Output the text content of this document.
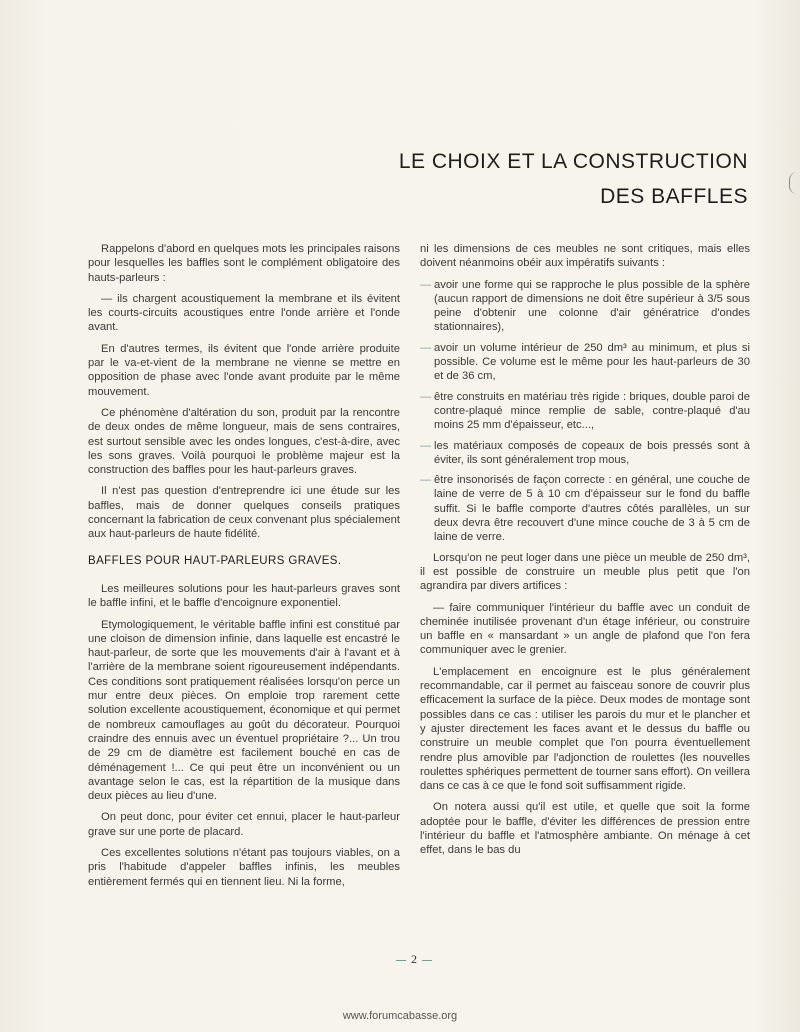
LE CHOIX ET LA CONSTRUCTION
DES BAFFLES

Rappelons d'abord en quelques mots les principales raisons pour lesquelles les baffles sont le complément obligatoire des hauts-parleurs :

— ils chargent acoustiquement la membrane et ils évitent les courts-circuits acoustiques entre l'onde arrière et l'onde avant.

En d'autres termes, ils évitent que l'onde arrière produite par le va-et-vient de la membrane ne vienne se mettre en opposition de phase avec l'onde avant produite par le même mouvement.

Ce phénomène d'altération du son, produit par la rencontre de deux ondes de même longueur, mais de sens contraires, est surtout sensible avec les ondes longues, c'est-à-dire, avec les sons graves. Voilà pourquoi le problème majeur est la construction des baffles pour les haut-parleurs graves.

Il n'est pas question d'entreprendre ici une étude sur les baffles, mais de donner quelques conseils pratiques concernant la fabrication de ceux convenant plus spécialement aux haut-parleurs de haute fidélité.

BAFFLES POUR HAUT-PARLEURS GRAVES.

Les meilleures solutions pour les haut-parleurs graves sont le baffle infini, et le baffle d'encoignure exponentiel.

Etymologiquement, le véritable baffle infini est constitué par une cloison de dimension infinie, dans laquelle est encastré le haut-parleur, de sorte que les mouvements d'air à l'avant et à l'arrière de la membrane soient rigoureusement indépendants. Ces conditions sont pratiquement réalisées lorsqu'on perce un mur entre deux pièces. On emploie trop rarement cette solution excellente acoustiquement, économique et qui permet de nombreux camouflages au goût du décorateur. Pourquoi craindre des ennuis avec un éventuel propriétaire ?... Un trou de 29 cm de diamètre est facilement bouché en cas de déménagement !... Ce qui peut être un inconvénient ou un avantage selon le cas, est la répartition de la musique dans deux pièces au lieu d'une.

On peut donc, pour éviter cet ennui, placer le haut-parleur grave sur une porte de placard.

Ces excellentes solutions n'étant pas toujours viables, on a pris l'habitude d'appeler baffles infinis, les meubles entièrement fermés qui en tiennent lieu. Ni la forme,

ni les dimensions de ces meubles ne sont critiques, mais elles doivent néanmoins obéir aux impératifs suivants :

— avoir une forme qui se rapproche le plus possible de la sphère (aucun rapport de dimensions ne doit être supérieur à 3/5 sous peine d'obtenir une colonne d'air génératrice d'ondes stationnaires),
— avoir un volume intérieur de 250 dm³ au minimum, et plus si possible. Ce volume est le même pour les haut-parleurs de 30 et de 36 cm,
— être construits en matériau très rigide : briques, double paroi de contre-plaqué mince remplie de sable, contre-plaqué d'au moins 25 mm d'épaisseur, etc...,
— les matériaux composés de copeaux de bois pressés sont à éviter, ils sont généralement trop mous,
— être insonorisés de façon correcte : en général, une couche de laine de verre de 5 à 10 cm d'épaisseur sur le fond du baffle suffit. Si le baffle comporte d'autres côtés parallèles, un sur deux devra être recouvert d'une mince couche de 3 à 5 cm de laine de verre.

Lorsqu'on ne peut loger dans une pièce un meuble de 250 dm³, il est possible de construire un meuble plus petit que l'on agrandira par divers artifices :

— faire communiquer l'intérieur du baffle avec un conduit de cheminée inutilisée provenant d'un étage inférieur, ou construire un baffle en « mansardant » un angle de plafond que l'on fera communiquer avec le grenier.

L'emplacement en encoignure est le plus généralement recommandable, car il permet au faisceau sonore de couvrir plus efficacement la surface de la pièce. Deux modes de montage sont possibles dans ce cas : utiliser les parois du mur et le plancher et y ajuster directement les faces avant et le dessus du baffle ou construire un meuble complet que l'on pourra éventuellement rendre plus amovible par l'adjonction de roulettes (les nouvelles roulettes sphériques permettent de tourner sans effort). On veillera dans ce cas à ce que le fond soit suffisamment rigide.

On notera aussi qu'il est utile, et quelle que soit la forme adoptée pour le baffle, d'éviter les différences de pression entre l'intérieur du baffle et l'atmosphère ambiante. On ménage à cet effet, dans le bas du

2
www.forumcabasse.org
